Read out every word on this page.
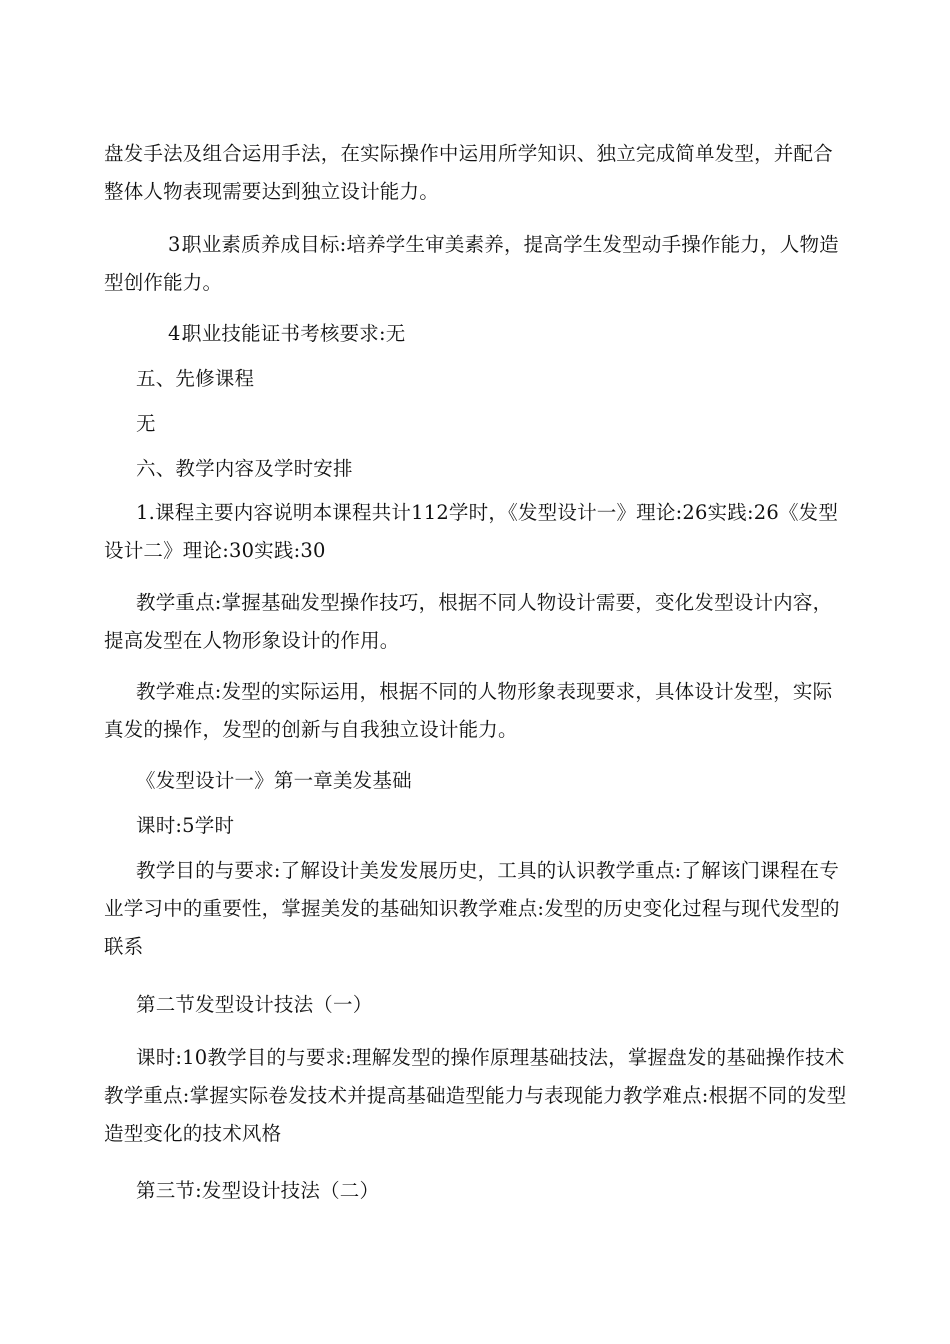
盘发手法及组合运用手法，在实际操作中运用所学知识、独立完成简单发型，并配合整体人物表现需要达到独立设计能力。

3.职业素质养成目标:培养学生审美素养，提高学生发型动手操作能力，人物造型创作能力。

4.职业技能证书考核要求:无

五、先修课程

无

六、教学内容及学时安排

1.课程主要内容说明本课程共计112学时，《发型设计一》理论:26实践:26《发型设计二》理论:30实践:30

教学重点:掌握基础发型操作技巧，根据不同人物设计需要，变化发型设计内容，提高发型在人物形象设计的作用。

教学难点:发型的实际运用，根据不同的人物形象表现要求，具体设计发型，实际真发的操作，发型的创新与自我独立设计能力。

《发型设计一》第一章美发基础

课时:5学时

教学目的与要求:了解设计美发发展历史，工具的认识教学重点:了解该门课程在专业学习中的重要性，掌握美发的基础知识教学难点:发型的历史变化过程与现代发型的联系

第二节发型设计技法（一）

课时:10教学目的与要求:理解发型的操作原理基础技法，掌握盘发的基础操作技术教学重点:掌握实际卷发技术并提高基础造型能力与表现能力教学难点:根据不同的发型造型变化的技术风格

第三节:发型设计技法（二）
